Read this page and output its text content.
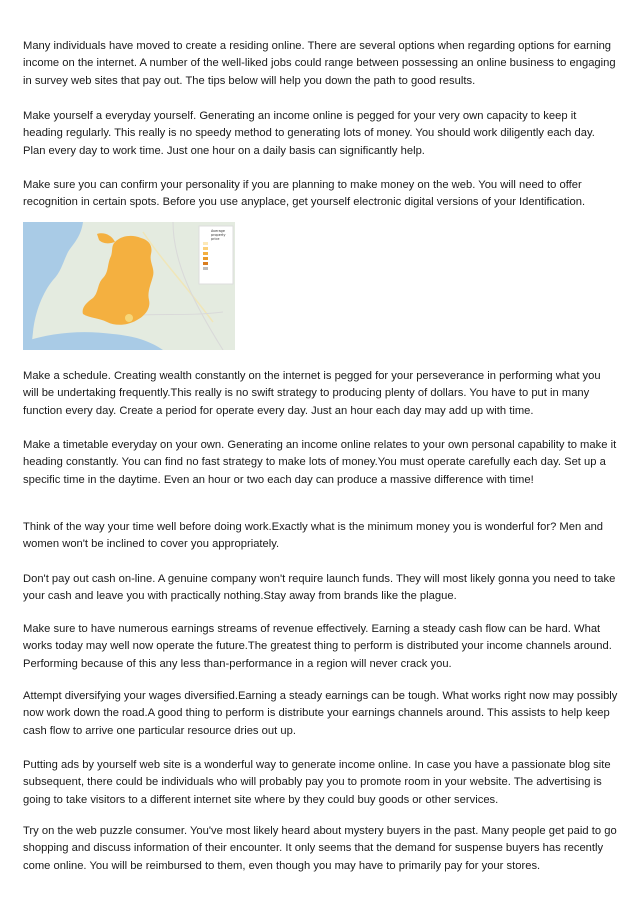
Many individuals have moved to create a residing online. There are several options when regarding options for earning income on the internet. A number of the well-liked jobs could range between possessing an online business to engaging in survey web sites that pay out. The tips below will help you down the path to good results.

Make yourself a everyday yourself. Generating an income online is pegged for your very own capacity to keep it heading regularly. This really is no speedy method to generating lots of money. You should work diligently each day. Plan every day to work time. Just one hour on a daily basis can significantly help.

Make sure you can confirm your personality if you are planning to make money on the web. You will need to offer recognition in certain spots. Before you use anyplace, get yourself electronic digital versions of your Identification.

Average
property
price

Make a schedule. Creating wealth constantly on the internet is pegged for your perseverance in performing what you will be undertaking frequently.This really is no swift strategy to producing plenty of dollars. You have to put in many function every day. Create a period for operate every day. Just an hour each day may add up with time.

Make a timetable everyday on your own. Generating an income online relates to your own personal capability to make it heading constantly. You can find no fast strategy to make lots of money.You must operate carefully each day. Set up a specific time in the daytime. Even an hour or two each day can produce a massive difference with time!

Think of the way your time well before doing work.Exactly what is the minimum money you is wonderful for? Men and women won't be inclined to cover you appropriately.

Don't pay out cash on-line. A genuine company won't require launch funds. They will most likely gonna you need to take your cash and leave you with practically nothing.Stay away from brands like the plague.

Make sure to have numerous earnings streams of revenue effectively. Earning a steady cash flow can be hard. What works today may well now operate the future.The greatest thing to perform is distributed your income channels around. Performing because of this any less than-performance in a region will never crack you.

Attempt diversifying your wages diversified.Earning a steady earnings can be tough. What works right now may possibly now work down the road.A good thing to perform is distribute your earnings channels around. This assists to help keep cash flow to arrive one particular resource dries out up.

Putting ads by yourself web site is a wonderful way to generate income online. In case you have a passionate blog site subsequent, there could be individuals who will probably pay you to promote room in your website. The advertising is going to take visitors to a different internet site where by they could buy goods or other services.

Try on the web puzzle consumer. You've most likely heard about mystery buyers in the past. Many people get paid to go shopping and discuss information of their encounter. It only seems that the demand for suspense buyers has recently come online. You will be reimbursed to them, even though you may have to primarily pay for your stores.
